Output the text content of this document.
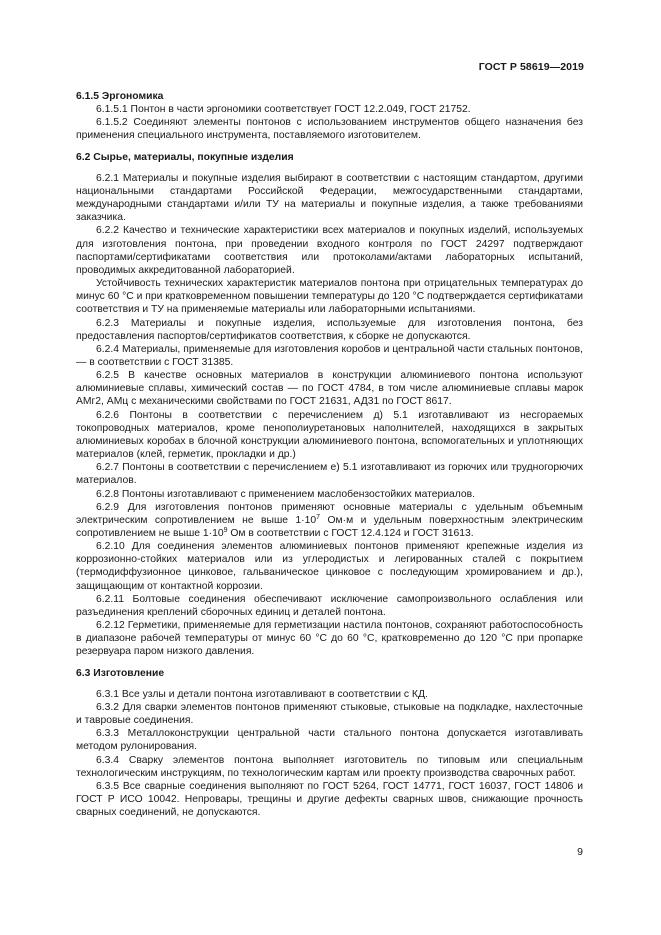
ГОСТ Р 58619—2019

6.1.5 Эргономика

6.1.5.1 Понтон в части эргономики соответствует ГОСТ 12.2.049, ГОСТ 21752.

6.1.5.2 Соединяют элементы понтонов с использованием инструментов общего назначения без применения специального инструмента, поставляемого изготовителем.

6.2 Сырье, материалы, покупные изделия

6.2.1 Материалы и покупные изделия выбирают в соответствии с настоящим стандартом, другими национальными стандартами Российской Федерации, межгосударственными стандартами, международными стандартами и/или ТУ на материалы и покупные изделия, а также требованиями заказчика.

6.2.2 Качество и технические характеристики всех материалов и покупных изделий, используемых для изготовления понтона, при проведении входного контроля по ГОСТ 24297 подтверждают паспортами/сертификатами соответствия или протоколами/актами лабораторных испытаний, проводимых аккредитованной лабораторией.

Устойчивость технических характеристик материалов понтона при отрицательных температурах до минус 60 °С и при кратковременном повышении температуры до 120 °С подтверждается сертификатами соответствия и ТУ на применяемые материалы или лабораторными испытаниями.

6.2.3 Материалы и покупные изделия, используемые для изготовления понтона, без предоставления паспортов/сертификатов соответствия, к сборке не допускаются.

6.2.4 Материалы, применяемые для изготовления коробов и центральной части стальных понтонов, — в соответствии с ГОСТ 31385.

6.2.5 В качестве основных материалов в конструкции алюминиевого понтона используют алюминиевые сплавы, химический состав — по ГОСТ 4784, в том числе алюминиевые сплавы марок АМг2, АМц с механическими свойствами по ГОСТ 21631, АД31 по ГОСТ 8617.

6.2.6 Понтоны в соответствии с перечислением д) 5.1 изготавливают из несгораемых токопроводных материалов, кроме пенополиуретановых наполнителей, находящихся в закрытых алюминиевых коробах в блочной конструкции алюминиевого понтона, вспомогательных и уплотняющих материалов (клей, герметик, прокладки и др.)

6.2.7 Понтоны в соответствии с перечислением е) 5.1 изготавливают из горючих или трудногорючих материалов.

6.2.8 Понтоны изготавливают с применением маслобензостойких материалов.

6.2.9 Для изготовления понтонов применяют основные материалы с удельным объемным электрическим сопротивлением не выше $1\cdot 10^7$ Ом·м и удельным поверхностным электрическим сопротивлением не выше $1\cdot 10^9$ Ом в соответствии с ГОСТ 12.4.124 и ГОСТ 31613.

6.2.10 Для соединения элементов алюминиевых понтонов применяют крепежные изделия из коррозионно-стойких материалов или из углеродистых и легированных сталей с покрытием (термодиффузионное цинковое, гальваническое цинковое с последующим хромированием и др.), защищающим от контактной коррозии.

6.2.11 Болтовые соединения обеспечивают исключение самопроизвольного ослабления или разъединения креплений сборочных единиц и деталей понтона.

6.2.12 Герметики, применяемые для герметизации настила понтонов, сохраняют работоспособность в диапазоне рабочей температуры от минус 60 °С до 60 °С, кратковременно до 120 °С при пропарке резервуара паром низкого давления.

6.3 Изготовление

6.3.1 Все узлы и детали понтона изготавливают в соответствии с КД.

6.3.2 Для сварки элементов понтонов применяют стыковые, стыковые на подкладке, нахлесточные и тавровые соединения.

6.3.3 Металлоконструкции центральной части стального понтона допускается изготавливать методом рулонирования.

6.3.4 Сварку элементов понтона выполняет изготовитель по типовым или специальным технологическим инструкциям, по технологическим картам или проекту производства сварочных работ.

6.3.5 Все сварные соединения выполняют по ГОСТ 5264, ГОСТ 14771, ГОСТ 16037, ГОСТ 14806 и ГОСТ Р ИСО 10042. Непровары, трещины и другие дефекты сварных швов, снижающие прочность сварных соединений, не допускаются.

9
